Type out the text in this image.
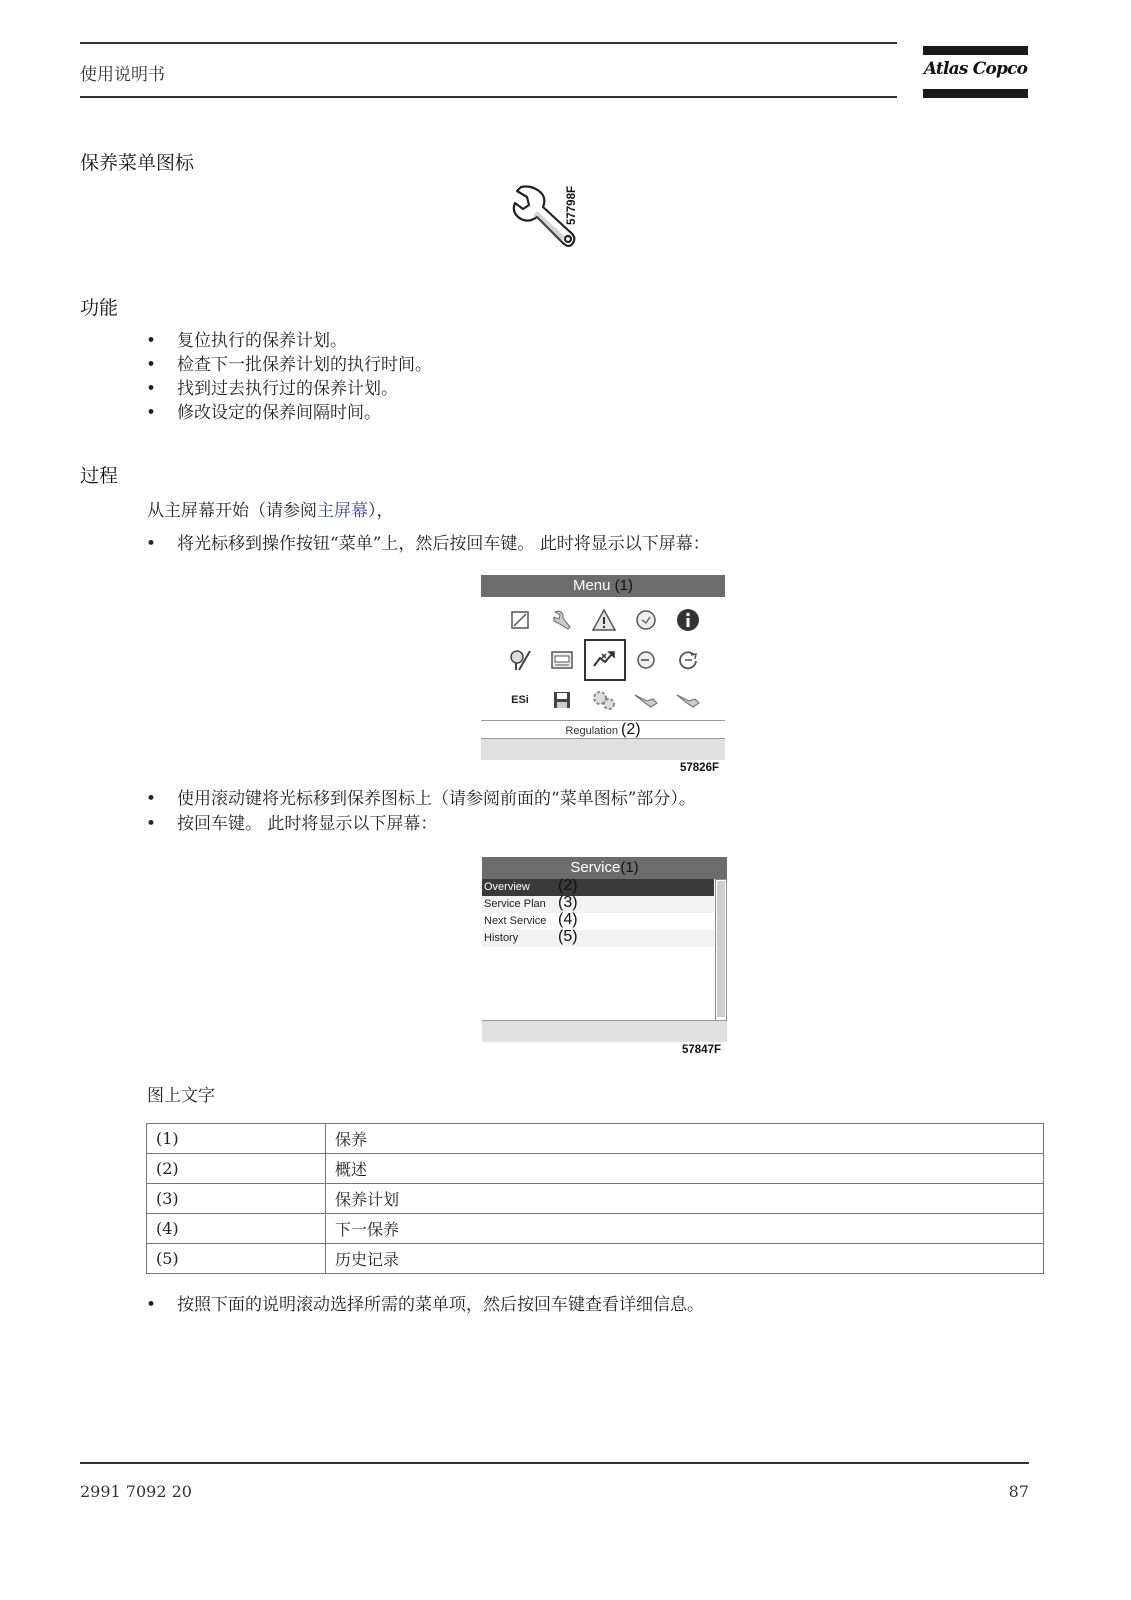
使用说明书	Atlas Copco
保养菜单图标
57798F
功能
•	复位执行的保养计划。
•	检查下一批保养计划的执行时间。
•	找到过去执行过的保养计划。
•	修改设定的保养间隔时间。
过程
从主屏幕开始（请参阅主屏幕），
•	将光标移到操作按钮“菜单”上，然后按回车键。 此时将显示以下屏幕：
Menu (1)
ESi
Regulation (2)
57826F
•	使用滚动键将光标移到保养图标上（请参阅前面的“菜单图标”部分）。
•	按回车键。 此时将显示以下屏幕：
Service(1)
Overview (2)
Service Plan (3)
Next Service (4)
History (5)
57847F
图上文字
(1)	保养
(2)	概述
(3)	保养计划
(4)	下一保养
(5)	历史记录
•	按照下面的说明滚动选择所需的菜单项，然后按回车键查看详细信息。
2991 7092 20	87
